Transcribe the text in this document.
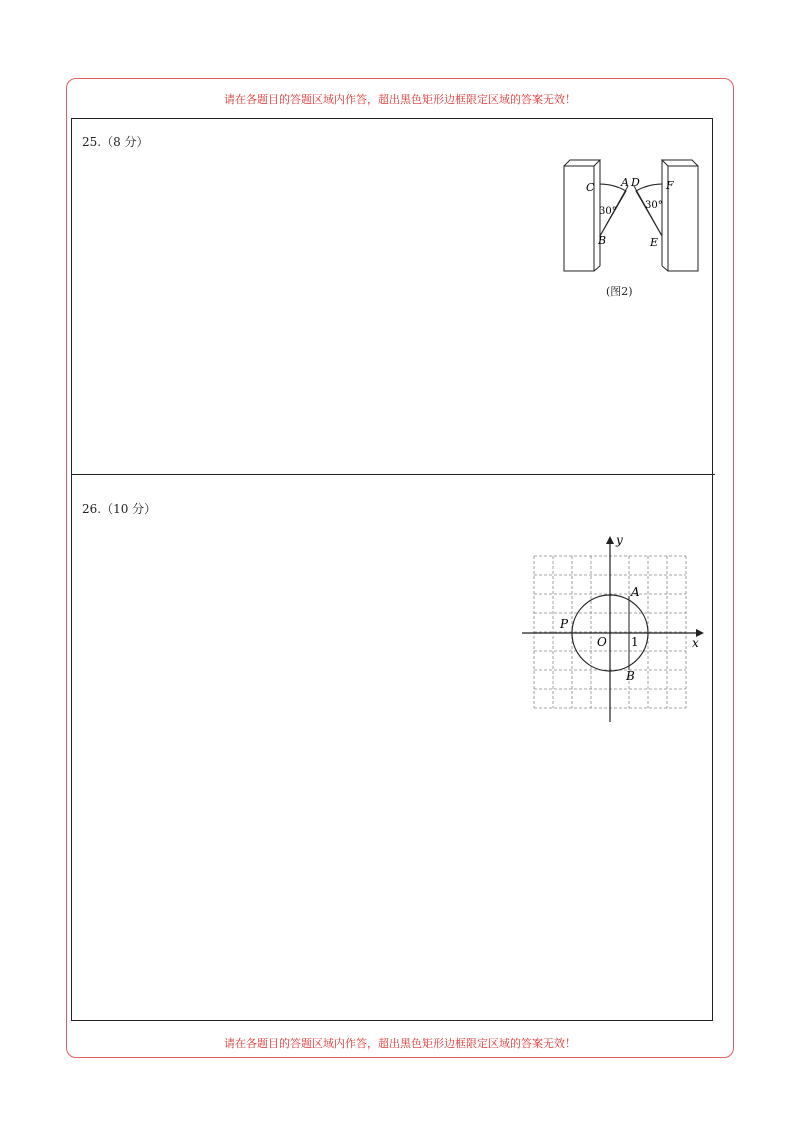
请在各题目的答题区域内作答，超出黑色矩形边框限定区域的答案无效！
25.（8 分）
26.（10 分）
C A D F
B	E
30°
30°
(图2)
y
x
P
A
O 1
B
请在各题目的答题区域内作答，超出黑色矩形边框限定区域的答案无效！
